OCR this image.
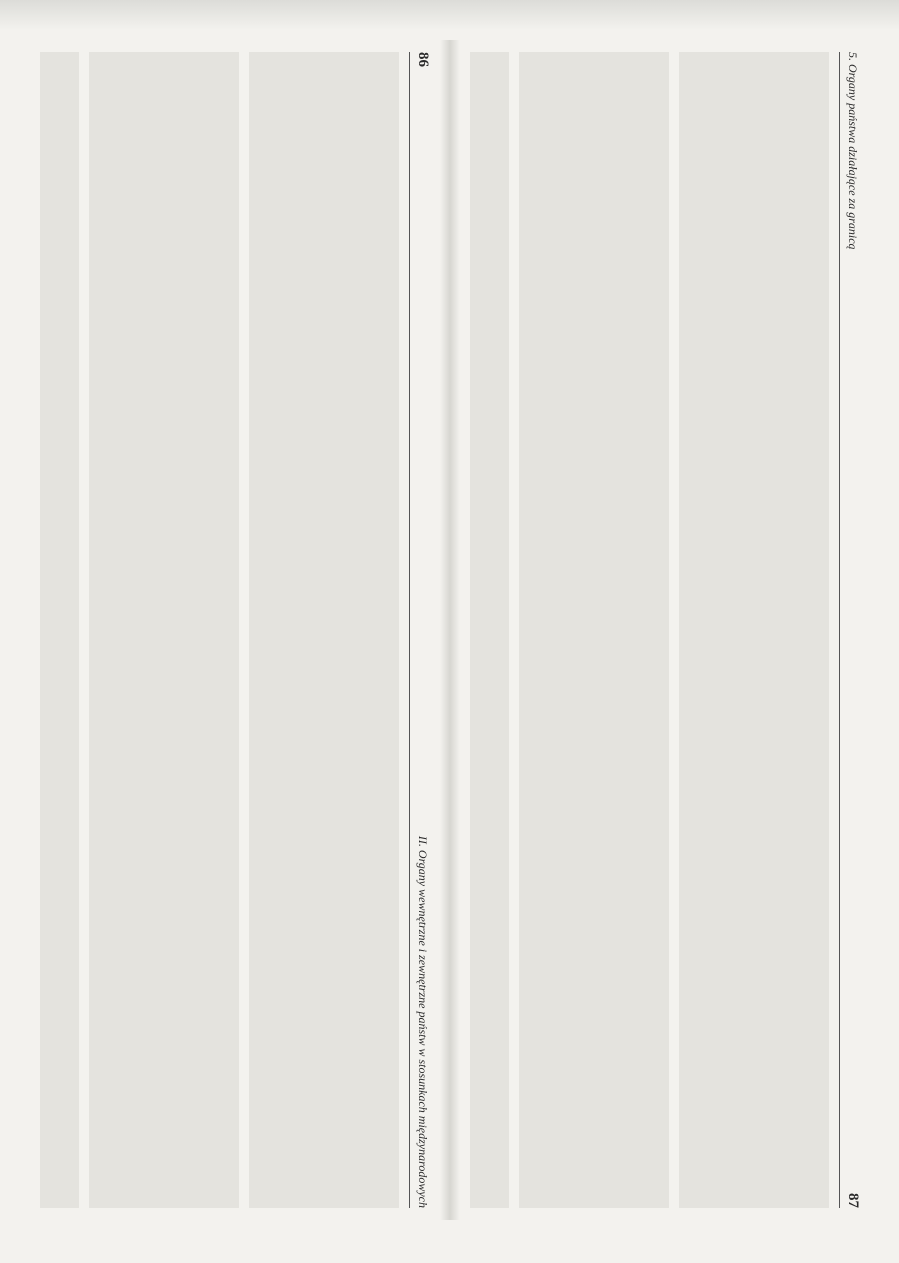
86
II. Organy wewnętrzne i zewnętrzne państw w stosunkach międzynarodowych

5. Organy państwa działające za granicą
87
